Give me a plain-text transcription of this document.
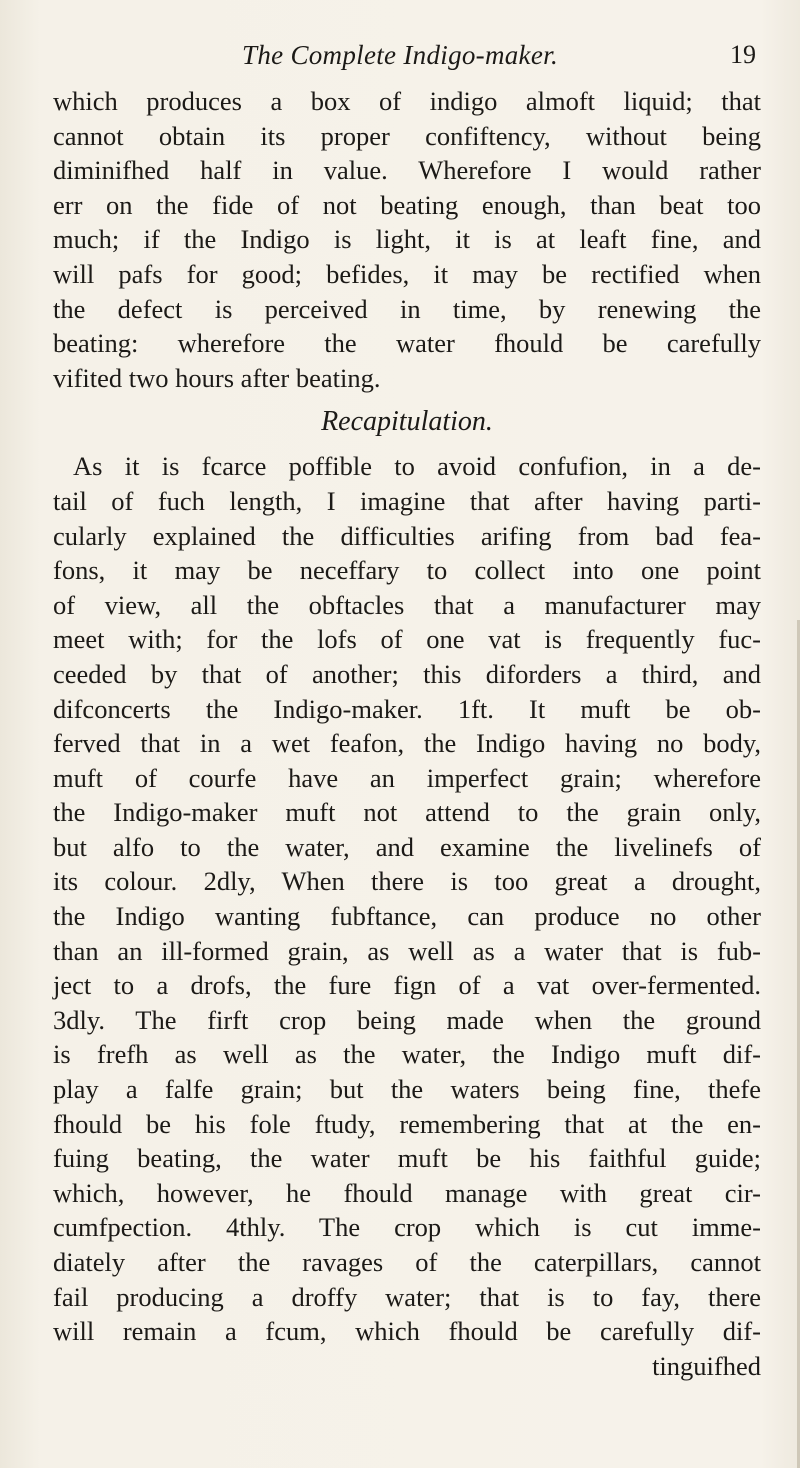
The Complete Indigo-maker.	19
which produces a box of indigo almoft liquid; that
cannot obtain its proper confiftency, without being
diminifhed half in value. Wherefore I would rather
err on the fide of not beating enough, than beat too
much; if the Indigo is light, it is at leaft fine, and
will pafs for good; befides, it may be rectified when
the defect is perceived in time, by renewing the
beating: wherefore the water fhould be carefully
vifited two hours after beating.
Recapitulation.
As it is fcarce poffible to avoid confufion, in a de-
tail of fuch length, I imagine that after having parti-
cularly explained the difficulties arifing from bad fea-
fons, it may be neceffary to collect into one point
of view, all the obftacles that a manufacturer may
meet with; for the lofs of one vat is frequently fuc-
ceeded by that of another; this diforders a third, and
difconcerts the Indigo-maker. 1ft. It muft be ob-
ferved that in a wet feafon, the Indigo having no body,
muft of courfe have an imperfect grain; wherefore
the Indigo-maker muft not attend to the grain only,
but alfo to the water, and examine the livelinefs of
its colour. 2dly, When there is too great a drought,
the Indigo wanting fubftance, can produce no other
than an ill-formed grain, as well as a water that is fub-
ject to a drofs, the fure fign of a vat over-fermented.
3dly. The firft crop being made when the ground
is frefh as well as the water, the Indigo muft dif-
play a falfe grain; but the waters being fine, thefe
fhould be his fole ftudy, remembering that at the en-
fuing beating, the water muft be his faithful guide;
which, however, he fhould manage with great cir-
cumfpection. 4thly. The crop which is cut imme-
diately after the ravages of the caterpillars, cannot
fail producing a droffy water; that is to fay, there
will remain a fcum, which fhould be carefully dif-
tinguifhed
